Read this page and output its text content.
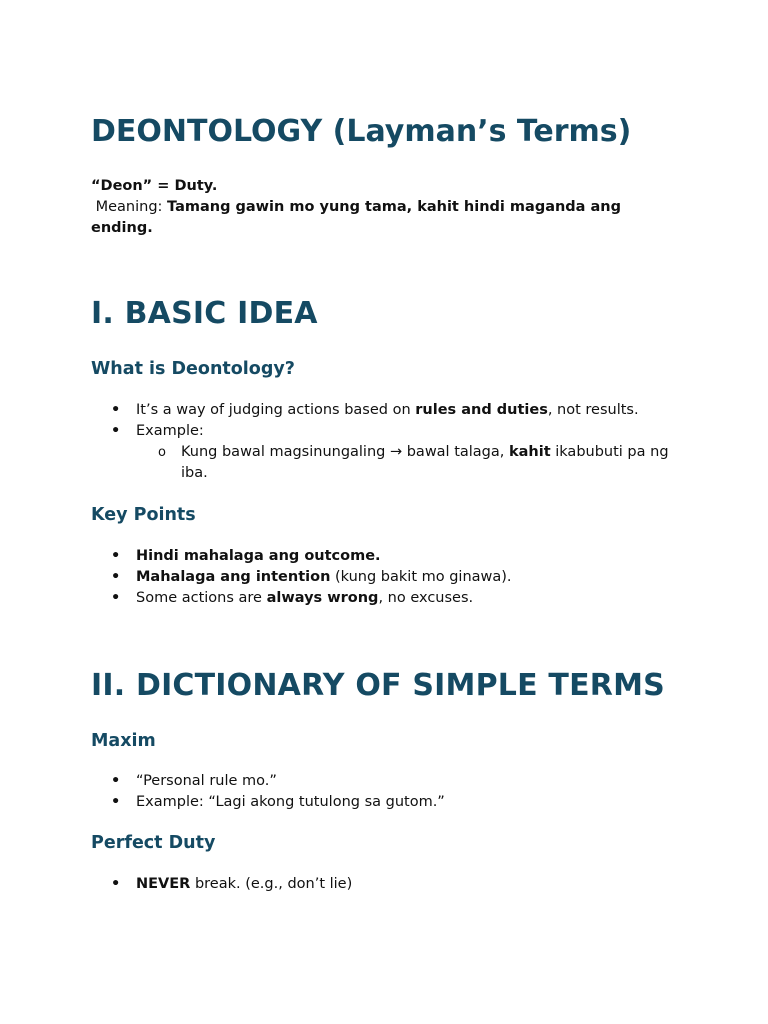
DEONTOLOGY (Layman’s Terms)

“Deon” = Duty.

Meaning: Tamang gawin mo yung tama, kahit hindi maganda ang ending.

I. BASIC IDEA
What is Deontology?
• It’s a way of judging actions based on rules and duties, not results.
• Example:
o Kung bawal magsinungaling → bawal talaga, kahit ikabubuti pa ng iba.
Key Points
• Hindi mahalaga ang outcome.
• Mahalaga ang intention (kung bakit mo ginawa).
• Some actions are always wrong, no excuses.
II. DICTIONARY OF SIMPLE TERMS
Maxim
• “Personal rule mo.”
• Example: “Lagi akong tutulong sa gutom.”
Perfect Duty
• NEVER break. (e.g., don’t lie)
